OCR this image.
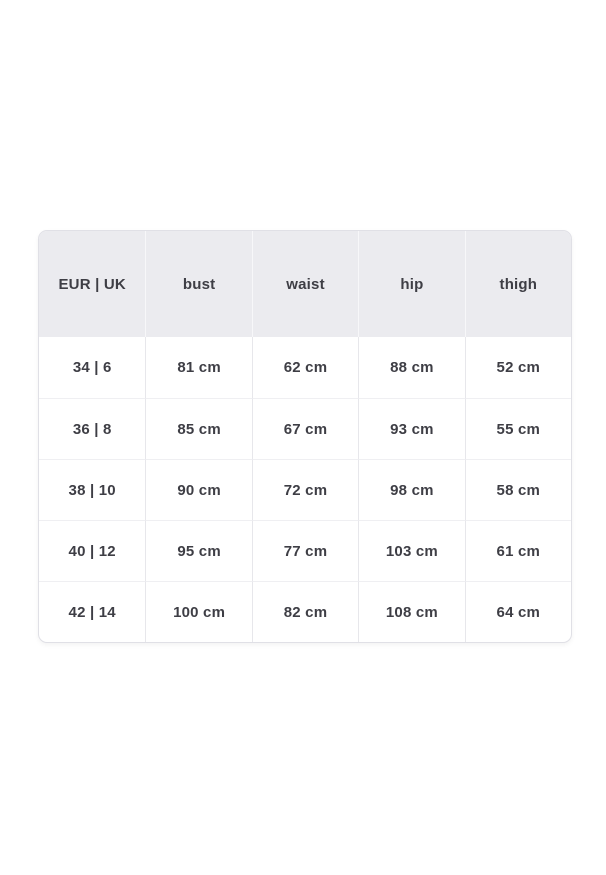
EUR | UK	bust	waist	hip	thigh
34 | 6	81 cm	62 cm	88 cm	52 cm
36 | 8	85 cm	67 cm	93 cm	55 cm
38 | 10	90 cm	72 cm	98 cm	58 cm
40 | 12	95 cm	77 cm	103 cm	61 cm
42 | 14	100 cm	82 cm	108 cm	64 cm
